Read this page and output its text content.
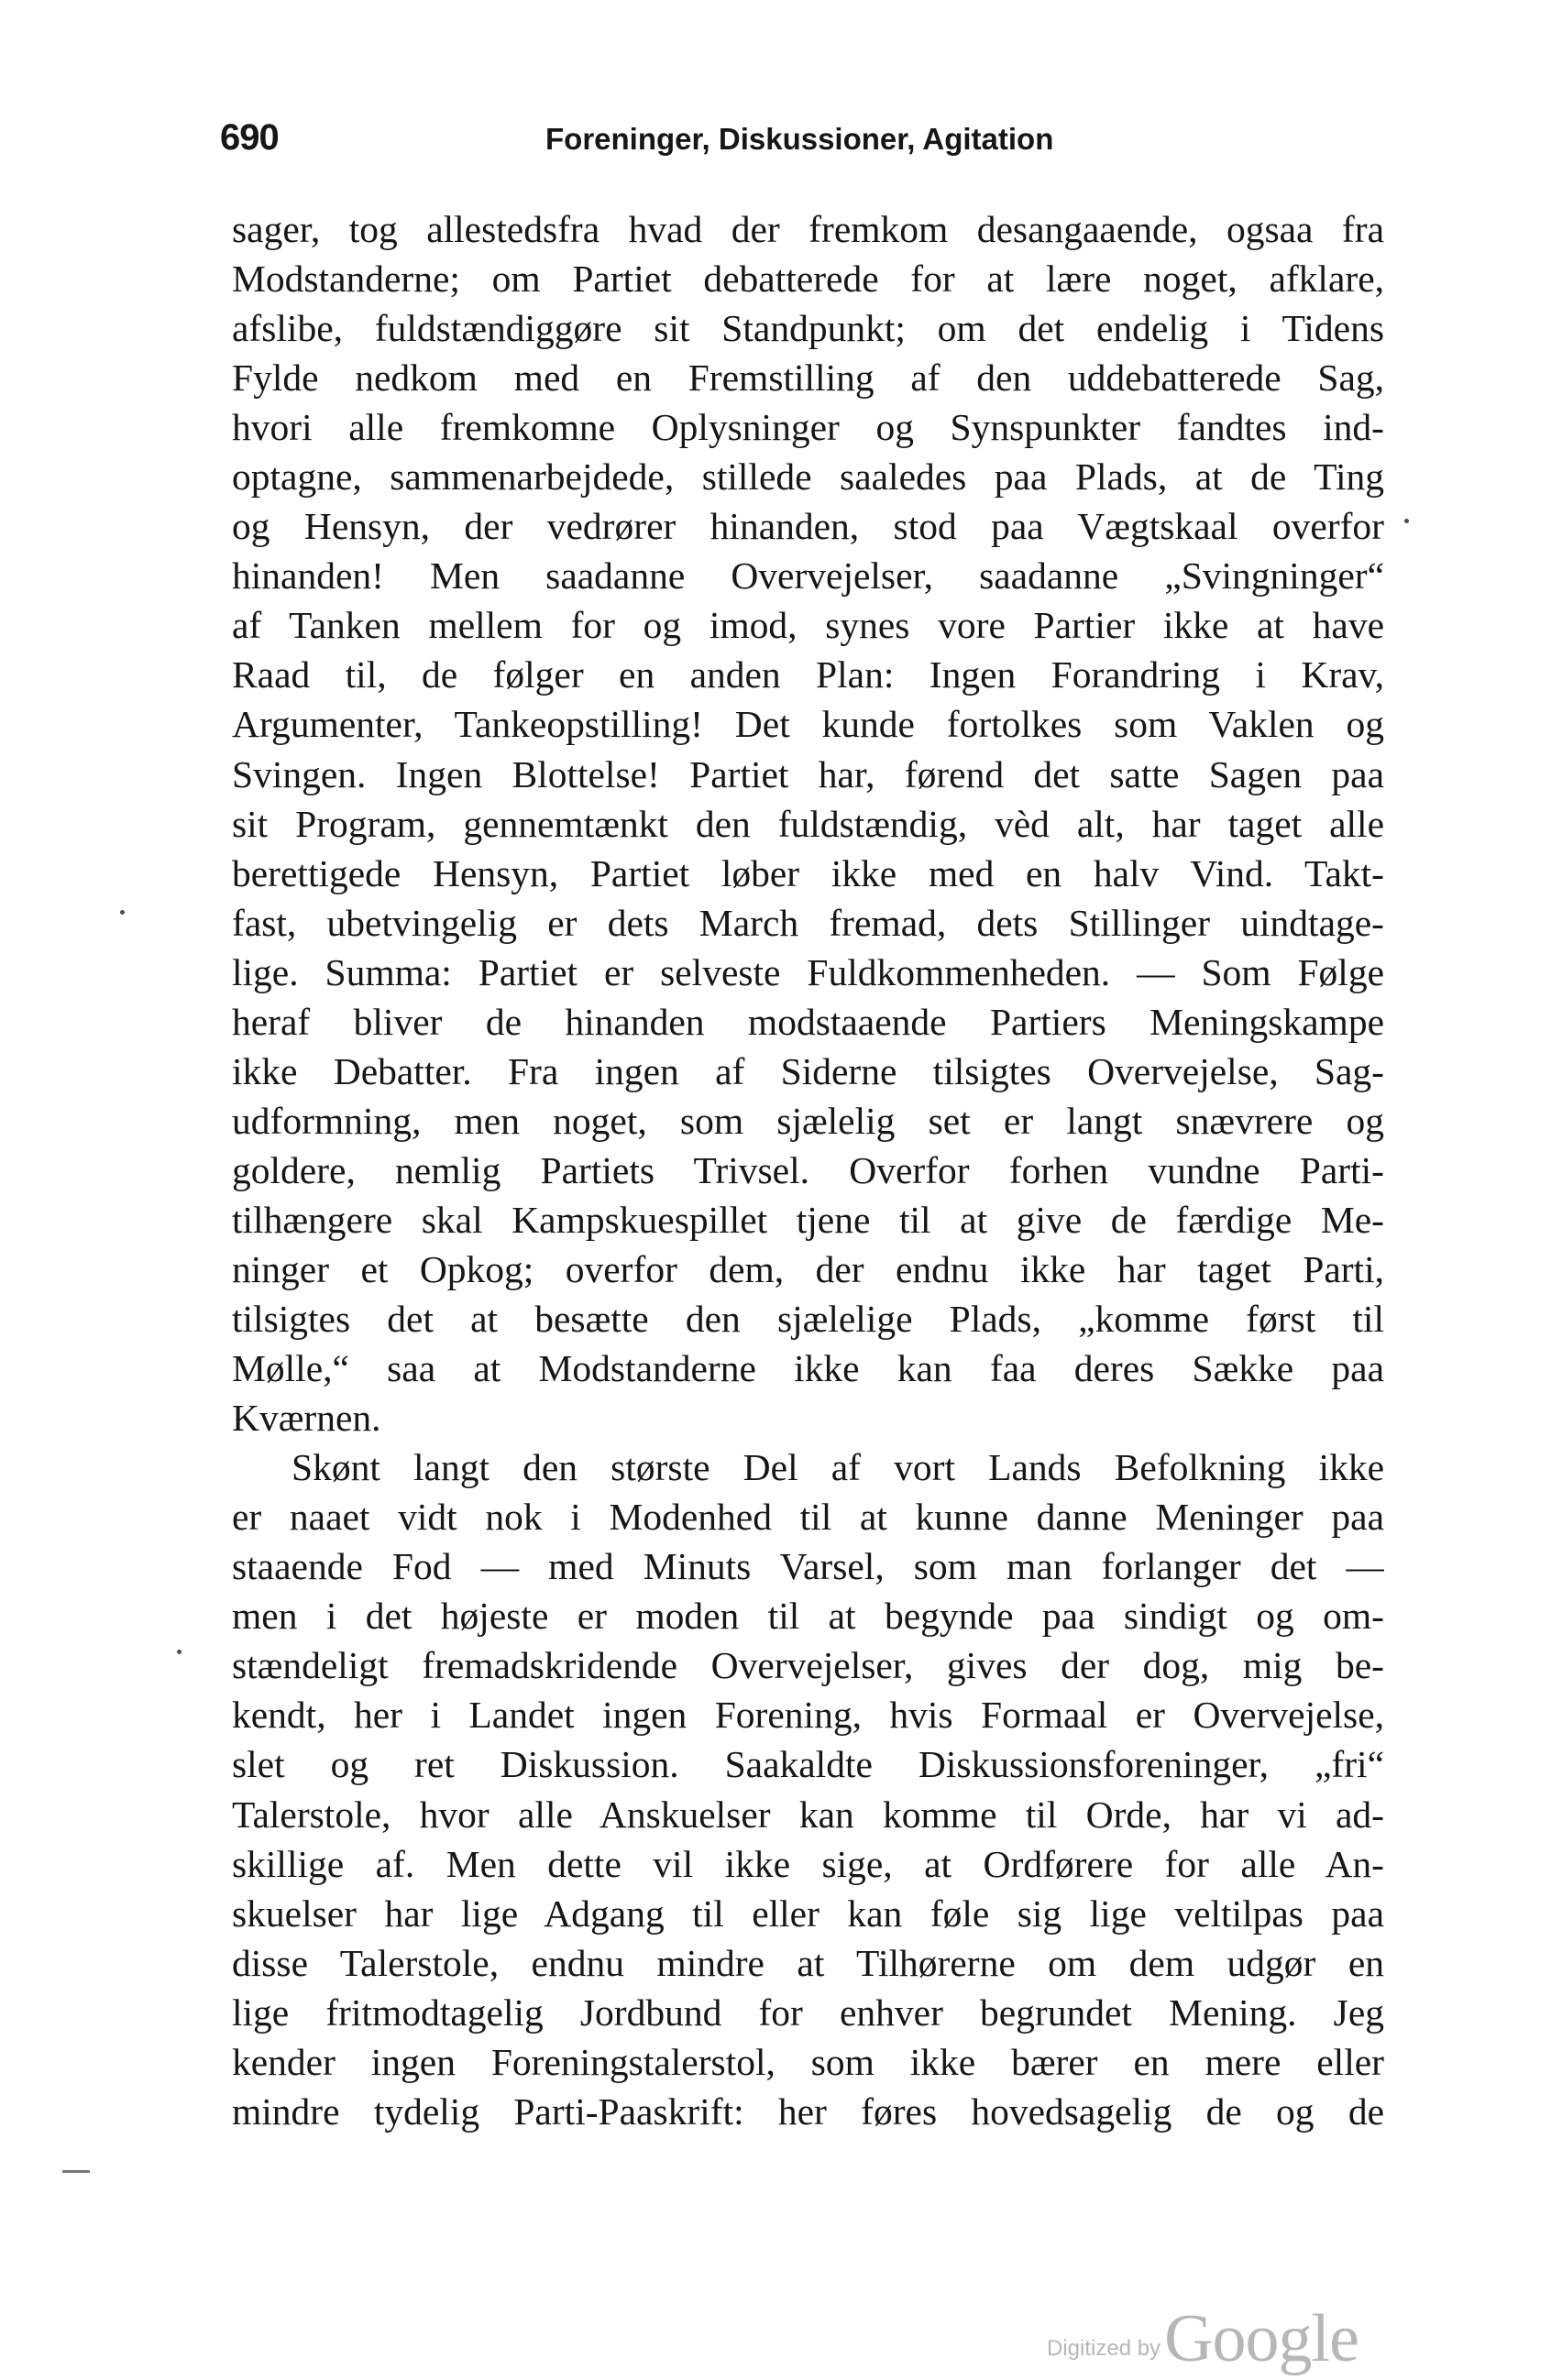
690	Foreninger, Diskussioner, Agitation
sager, tog allestedsfra hvad der fremkom desangaaende, ogsaa fra
Modstanderne; om Partiet debatterede for at lære noget, afklare,
afslibe, fuldstændiggøre sit Standpunkt; om det endelig i Tidens
Fylde nedkom med en Fremstilling af den uddebatterede Sag,
hvori alle fremkomne Oplysninger og Synspunkter fandtes ind-
optagne, sammenarbejdede, stillede saaledes paa Plads, at de Ting
og Hensyn, der vedrører hinanden, stod paa Vægtskaal overfor
hinanden! Men saadanne Overvejelser, saadanne „Svingninger“
af Tanken mellem for og imod, synes vore Partier ikke at have
Raad til, de følger en anden Plan: Ingen Forandring i Krav,
Argumenter, Tankeopstilling! Det kunde fortolkes som Vaklen og
Svingen. Ingen Blottelse! Partiet har, førend det satte Sagen paa
sit Program, gennemtænkt den fuldstændig, vèd alt, har taget alle
berettigede Hensyn, Partiet løber ikke med en halv Vind. Takt-
fast, ubetvingelig er dets March fremad, dets Stillinger uindtage-
lige. Summa: Partiet er selveste Fuldkommenheden. — Som Følge
heraf bliver de hinanden modstaaende Partiers Meningskampe
ikke Debatter. Fra ingen af Siderne tilsigtes Overvejelse, Sag-
udformning, men noget, som sjælelig set er langt snævrere og
goldere, nemlig Partiets Trivsel. Overfor forhen vundne Parti-
tilhængere skal Kampskuespillet tjene til at give de færdige Me-
ninger et Opkog; overfor dem, der endnu ikke har taget Parti,
tilsigtes det at besætte den sjælelige Plads, „komme først til
Mølle,“ saa at Modstanderne ikke kan faa deres Sække paa
Kværnen.
Skønt langt den største Del af vort Lands Befolkning ikke
er naaet vidt nok i Modenhed til at kunne danne Meninger paa
staaende Fod — med Minuts Varsel, som man forlanger det —
men i det højeste er moden til at begynde paa sindigt og om-
stændeligt fremadskridende Overvejelser, gives der dog, mig be-
kendt, her i Landet ingen Forening, hvis Formaal er Overvejelse,
slet og ret Diskussion. Saakaldte Diskussionsforeninger, „fri“
Talerstole, hvor alle Anskuelser kan komme til Orde, har vi ad-
skillige af. Men dette vil ikke sige, at Ordførere for alle An-
skuelser har lige Adgang til eller kan føle sig lige veltilpas paa
disse Talerstole, endnu mindre at Tilhørerne om dem udgør en
lige fritmodtagelig Jordbund for enhver begrundet Mening. Jeg
kender ingen Foreningstalerstol, som ikke bærer en mere eller
mindre tydelig Parti-Paaskrift: her føres hovedsagelig de og de
Digitized by Google
